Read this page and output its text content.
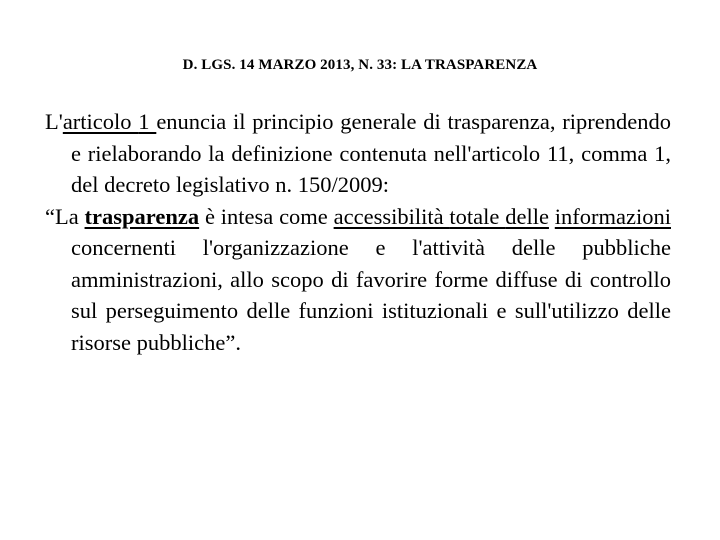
D. LGS. 14 MARZO 2013, N. 33: LA TRASPARENZA

L'articolo 1 enuncia il principio generale di trasparenza, riprendendo e rielaborando la definizione contenuta nell'articolo 11, comma 1, del decreto legislativo n. 150/2009:

“La trasparenza è intesa come accessibilità totale delle informazioni concernenti l'organizzazione e l'attività delle pubbliche amministrazioni, allo scopo di favorire forme diffuse di controllo sul perseguimento delle funzioni istituzionali e sull'utilizzo delle risorse pubbliche”.
